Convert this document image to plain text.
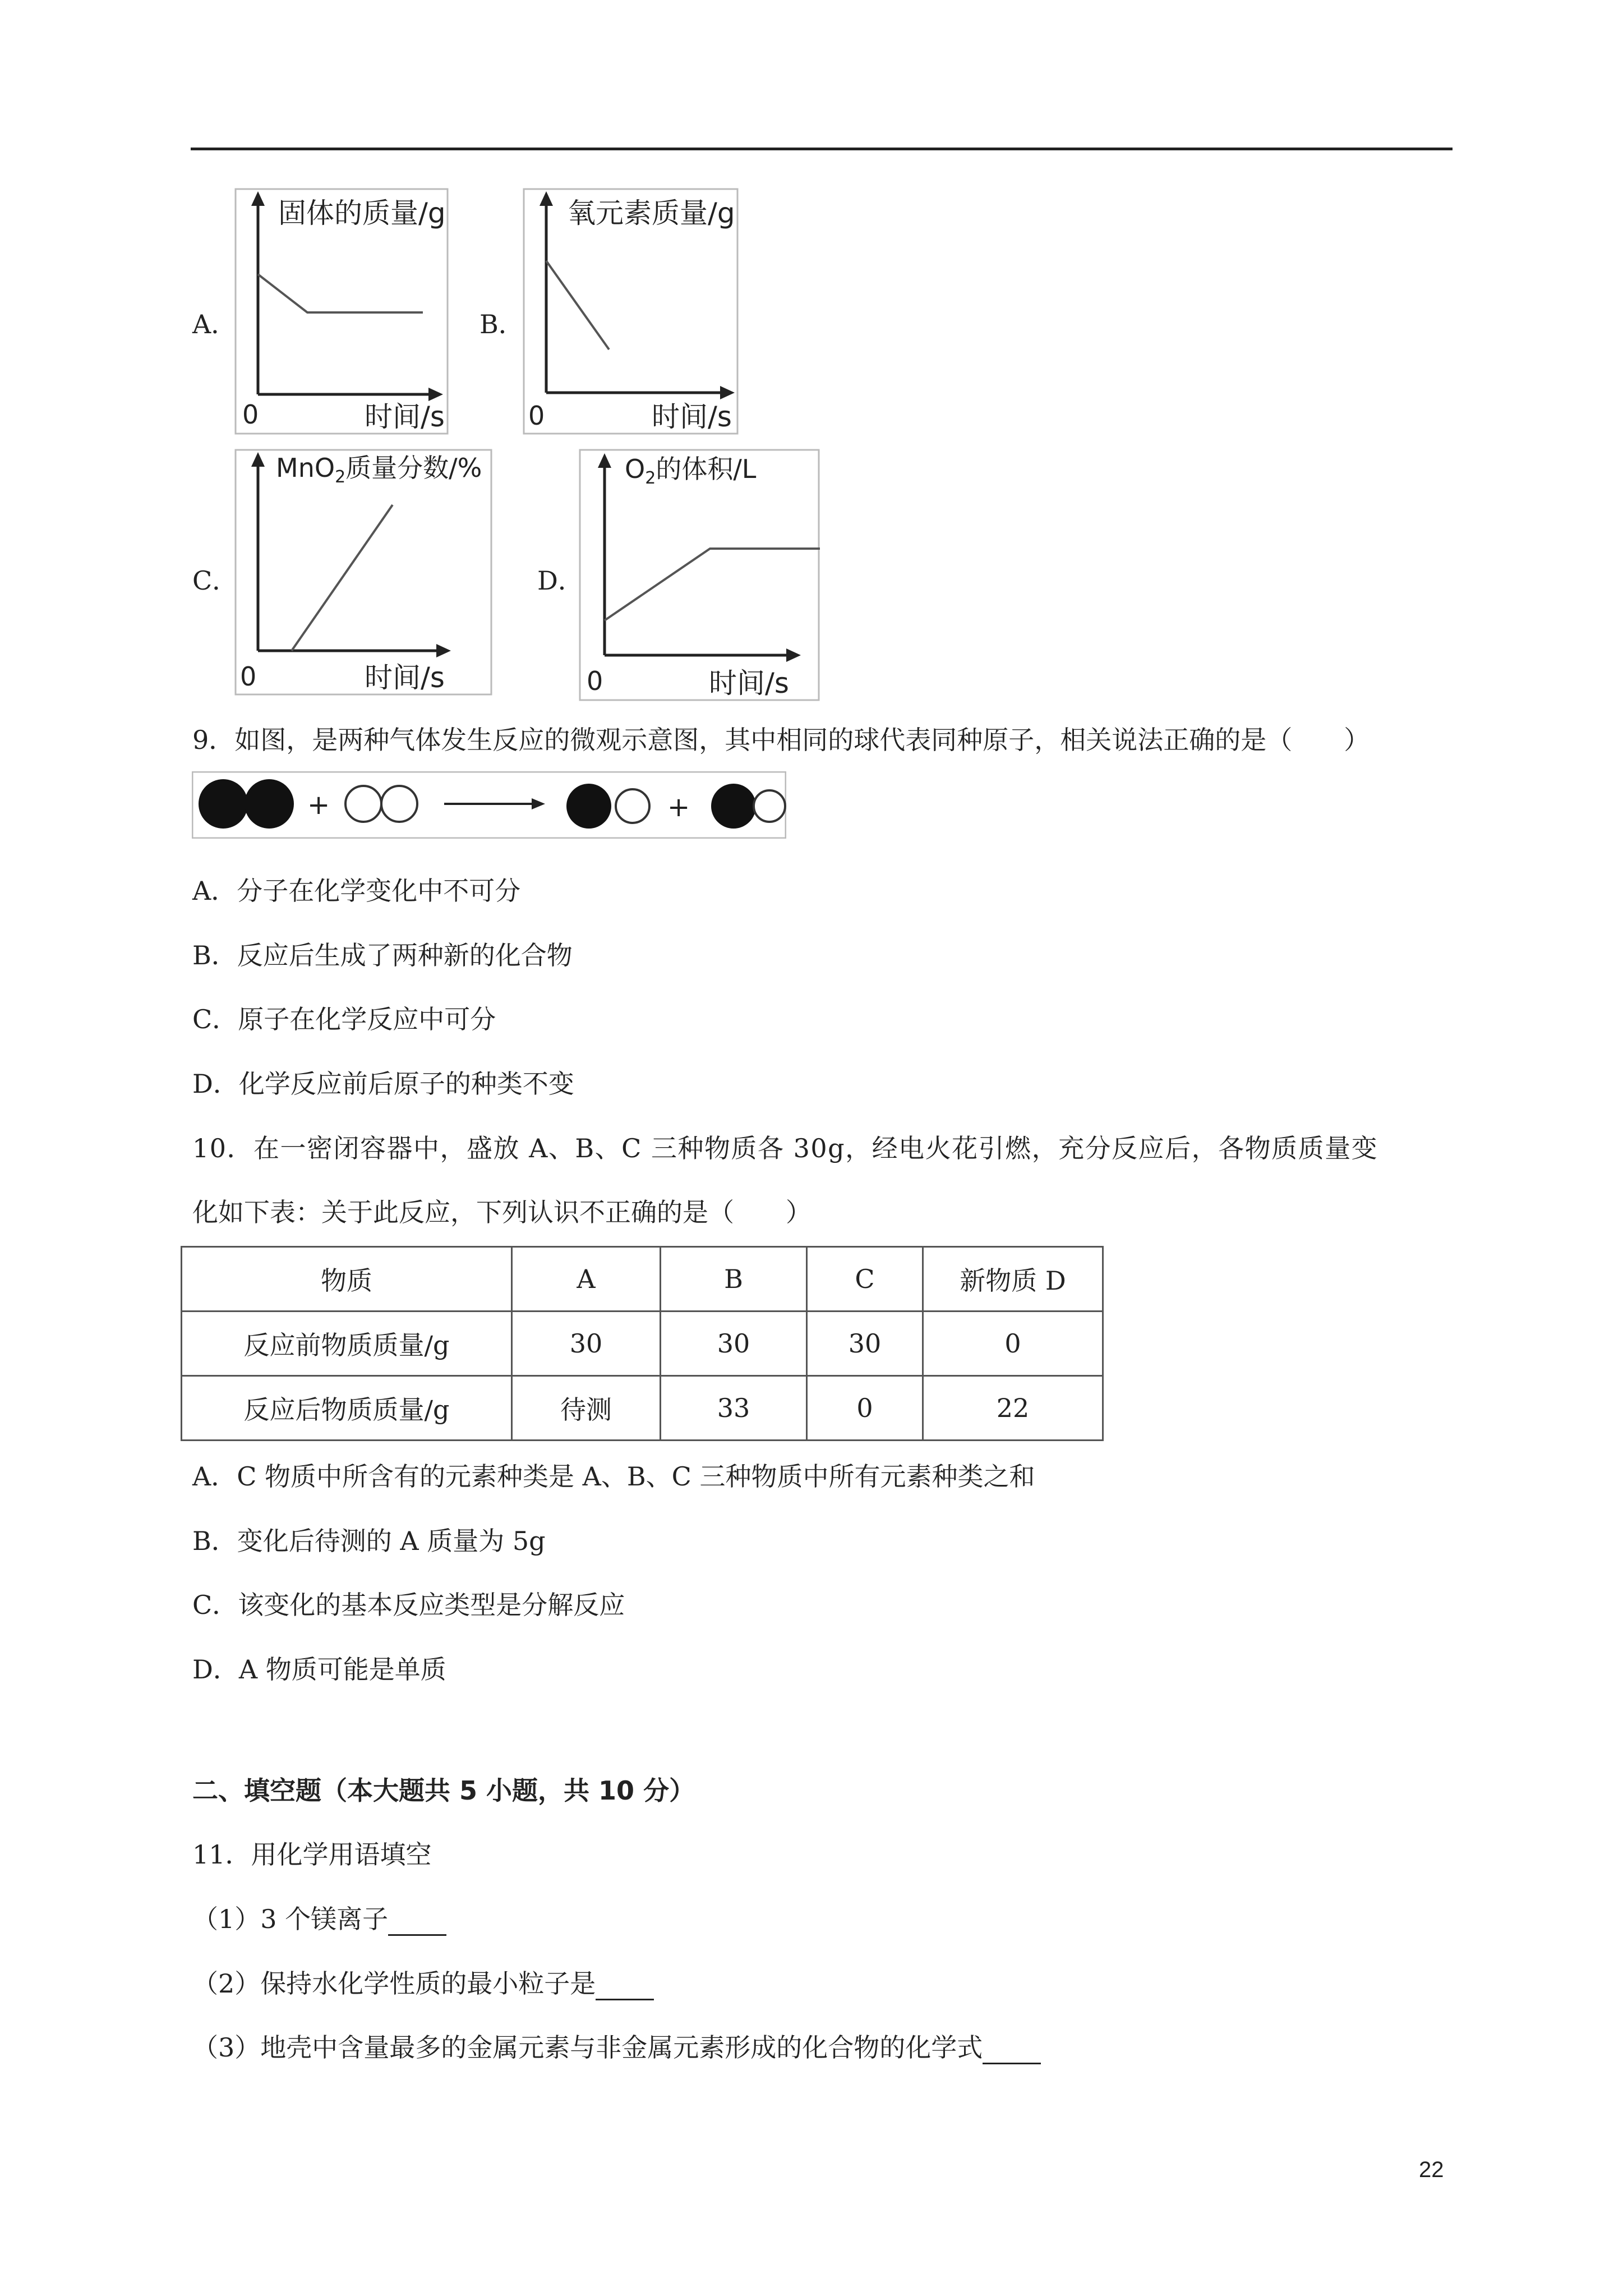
A．
固体的质量/g
0	时间/s
B．
氧元素质量/g
0	时间/s
C．
MnO$_2$质量分数/%
0	时间/s
D．
$O_2$的体积/L
0	时间/s
9．如图，是两种气体发生反应的微观示意图，其中相同的球代表同种原子，相关说法正确的是（　　）
+	+
A．分子在化学变化中不可分
B．反应后生成了两种新的化合物
C．原子在化学反应中可分
D．化学反应前后原子的种类不变
10．在一密闭容器中，盛放 A、B、C 三种物质各 30g，经电火花引燃，充分反应后，各物质质量变
化如下表：关于此反应，下列认识不正确的是（　　）
物质	A	B	C	新物质 D
反应前物质质量/g	30	30	30	0
反应后物质质量/g	待测	33	0	22
A．C 物质中所含有的元素种类是 A、B、C 三种物质中所有元素种类之和
B．变化后待测的 A 质量为 5g
C．该变化的基本反应类型是分解反应
D．A 物质可能是单质
二、填空题（本大题共 5 小题，共 10 分）
11．用化学用语填空
（1）3 个镁离子
（2）保持水化学性质的最小粒子是
（3）地壳中含量最多的金属元素与非金属元素形成的化合物的化学式
22
